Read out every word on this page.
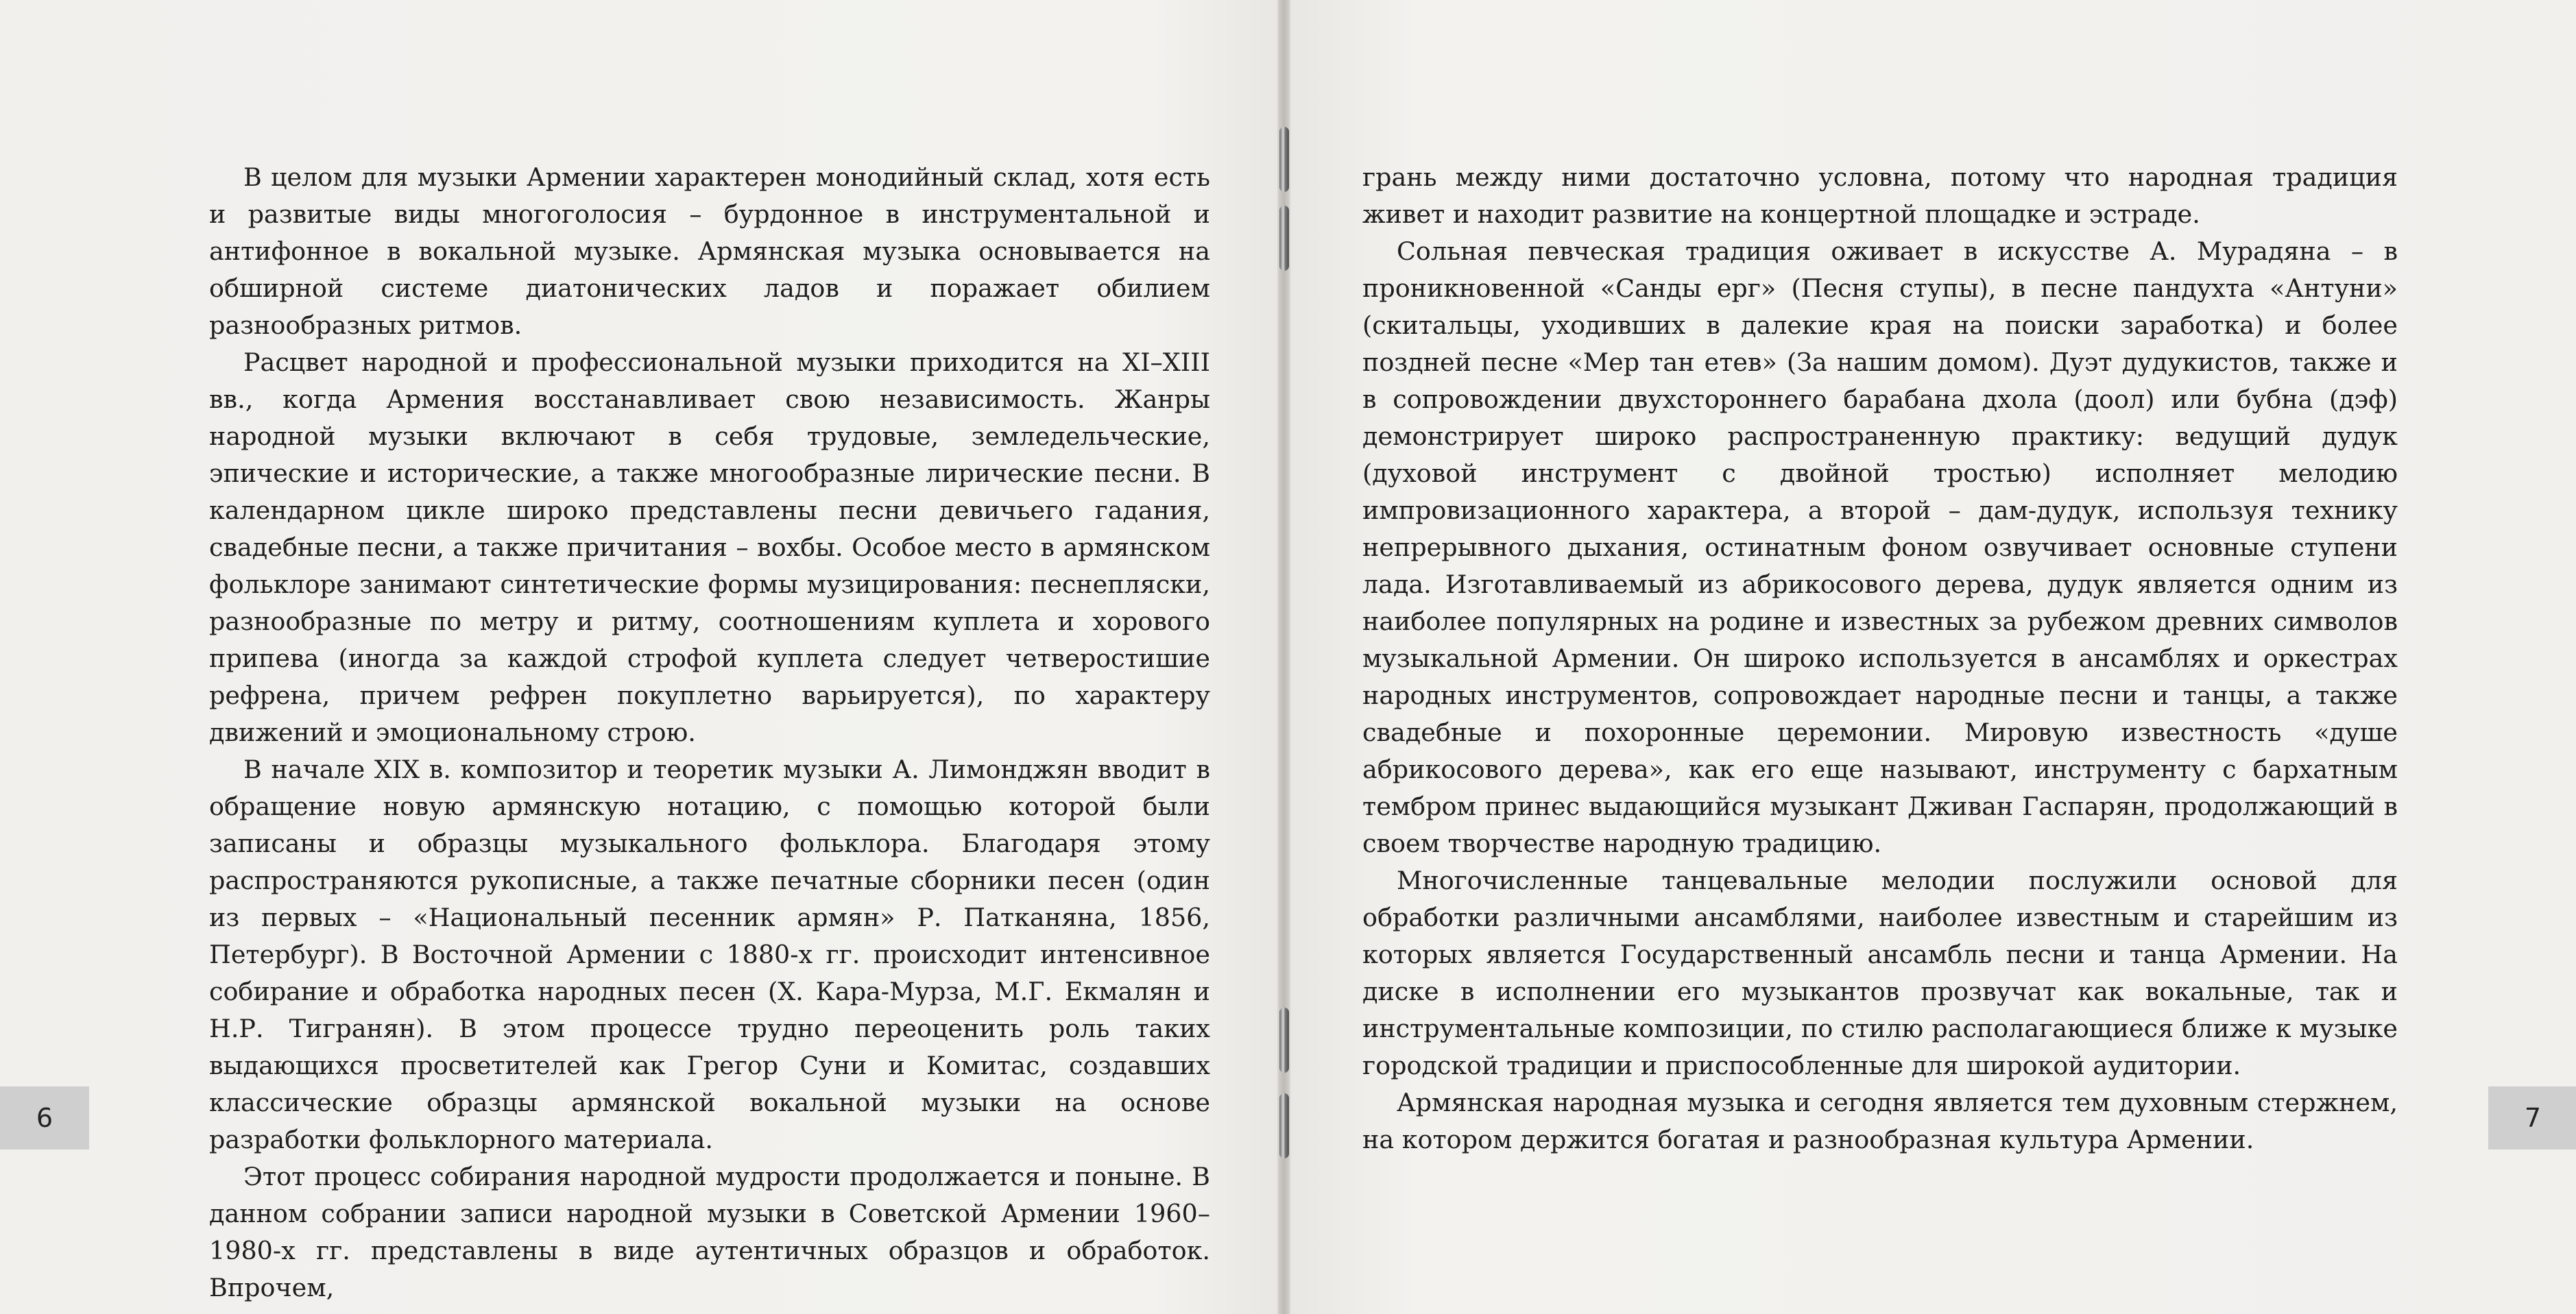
В целом для музыки Армении характерен монодийный склад, хотя есть и развитые виды многоголосия – бурдонное в инструментальной и антифонное в вокальной музыке. Армянская музыка основывается на обширной системе диатонических ладов и поражает обилием разнообразных ритмов.

Расцвет народной и профессиональной музыки приходится на XI–XIII вв., когда Армения восстанавливает свою независимость. Жанры народной музыки включают в себя трудовые, земледельческие, эпические и исторические, а также многообразные лирические песни. В календарном цикле широко представлены песни девичьего гадания, свадебные песни, а также причитания – вохбы. Особое место в армянском фольклоре занимают синтетические формы музицирования: песнепляски, разнообразные по метру и ритму, соотношениям куплета и хорового припева (иногда за каждой строфой куплета следует четверостишие рефрена, причем рефрен покуплетно варьируется), по характеру движений и эмоциональному строю.

В начале XIX в. композитор и теоретик музыки А. Лимонджян вводит в обращение новую армянскую нотацию, с помощью которой были записаны и образцы музыкального фольклора. Благодаря этому распространяются рукописные, а также печатные сборники песен (один из первых – «Национальный песенник армян» Р. Патканяна, 1856, Петербург). В Восточной Армении с 1880-х гг. происходит интенсивное собирание и обработка народных песен (Х. Кара-Мурза, М.Г. Екмалян и Н.Р. Тигранян). В этом процессе трудно переоценить роль таких выдающихся просветителей как Грегор Суни и Комитас, создавших классические образцы армянской вокальной музыки на основе разработки фольклорного материала.

Этот процесс собирания народной мудрости продолжается и поныне. В данном собрании записи народной музыки в Советской Армении 1960–1980-х гг. представлены в виде аутентичных образцов и обработок. Впрочем,

6

грань между ними достаточно условна, потому что народная традиция живет и находит развитие на концертной площадке и эстраде.

Сольная певческая традиция оживает в искусстве А. Мурадяна – в проникновенной «Санды ерг» (Песня ступы), в песне пандухта «Антуни» (скитальцы, уходивших в далекие края на поиски заработка) и более поздней песне «Мер тан етев» (За нашим домом). Дуэт дудукистов, также и в сопровождении двухстороннего барабана дхола (доол) или бубна (дэф) демонстрирует широко распространенную практику: ведущий дудук (духовой инструмент с двойной тростью) исполняет мелодию импровизационного характера, а второй – дам-дудук, используя технику непрерывного дыхания, остинатным фоном озвучивает основные ступени лада. Изготавливаемый из абрикосового дерева, дудук является одним из наиболее популярных на родине и известных за рубежом древних символов музыкальной Армении. Он широко используется в ансамблях и оркестрах народных инструментов, сопровождает народные песни и танцы, а также свадебные и похоронные церемонии. Мировую известность «душе абрикосового дерева», как его еще называют, инструменту с бархатным тембром принес выдающийся музыкант Дживан Гаспарян, продолжающий в своем творчестве народную традицию.

Многочисленные танцевальные мелодии послужили основой для обработки различными ансамблями, наиболее известным и старейшим из которых является Государственный ансамбль песни и танца Армении. На диске в исполнении его музыкантов прозвучат как вокальные, так и инструментальные композиции, по стилю располагающиеся ближе к музыке городской традиции и приспособленные для широкой аудитории.

Армянская народная музыка и сегодня является тем духовным стержнем, на котором держится богатая и разнообразная культура Армении.

7
